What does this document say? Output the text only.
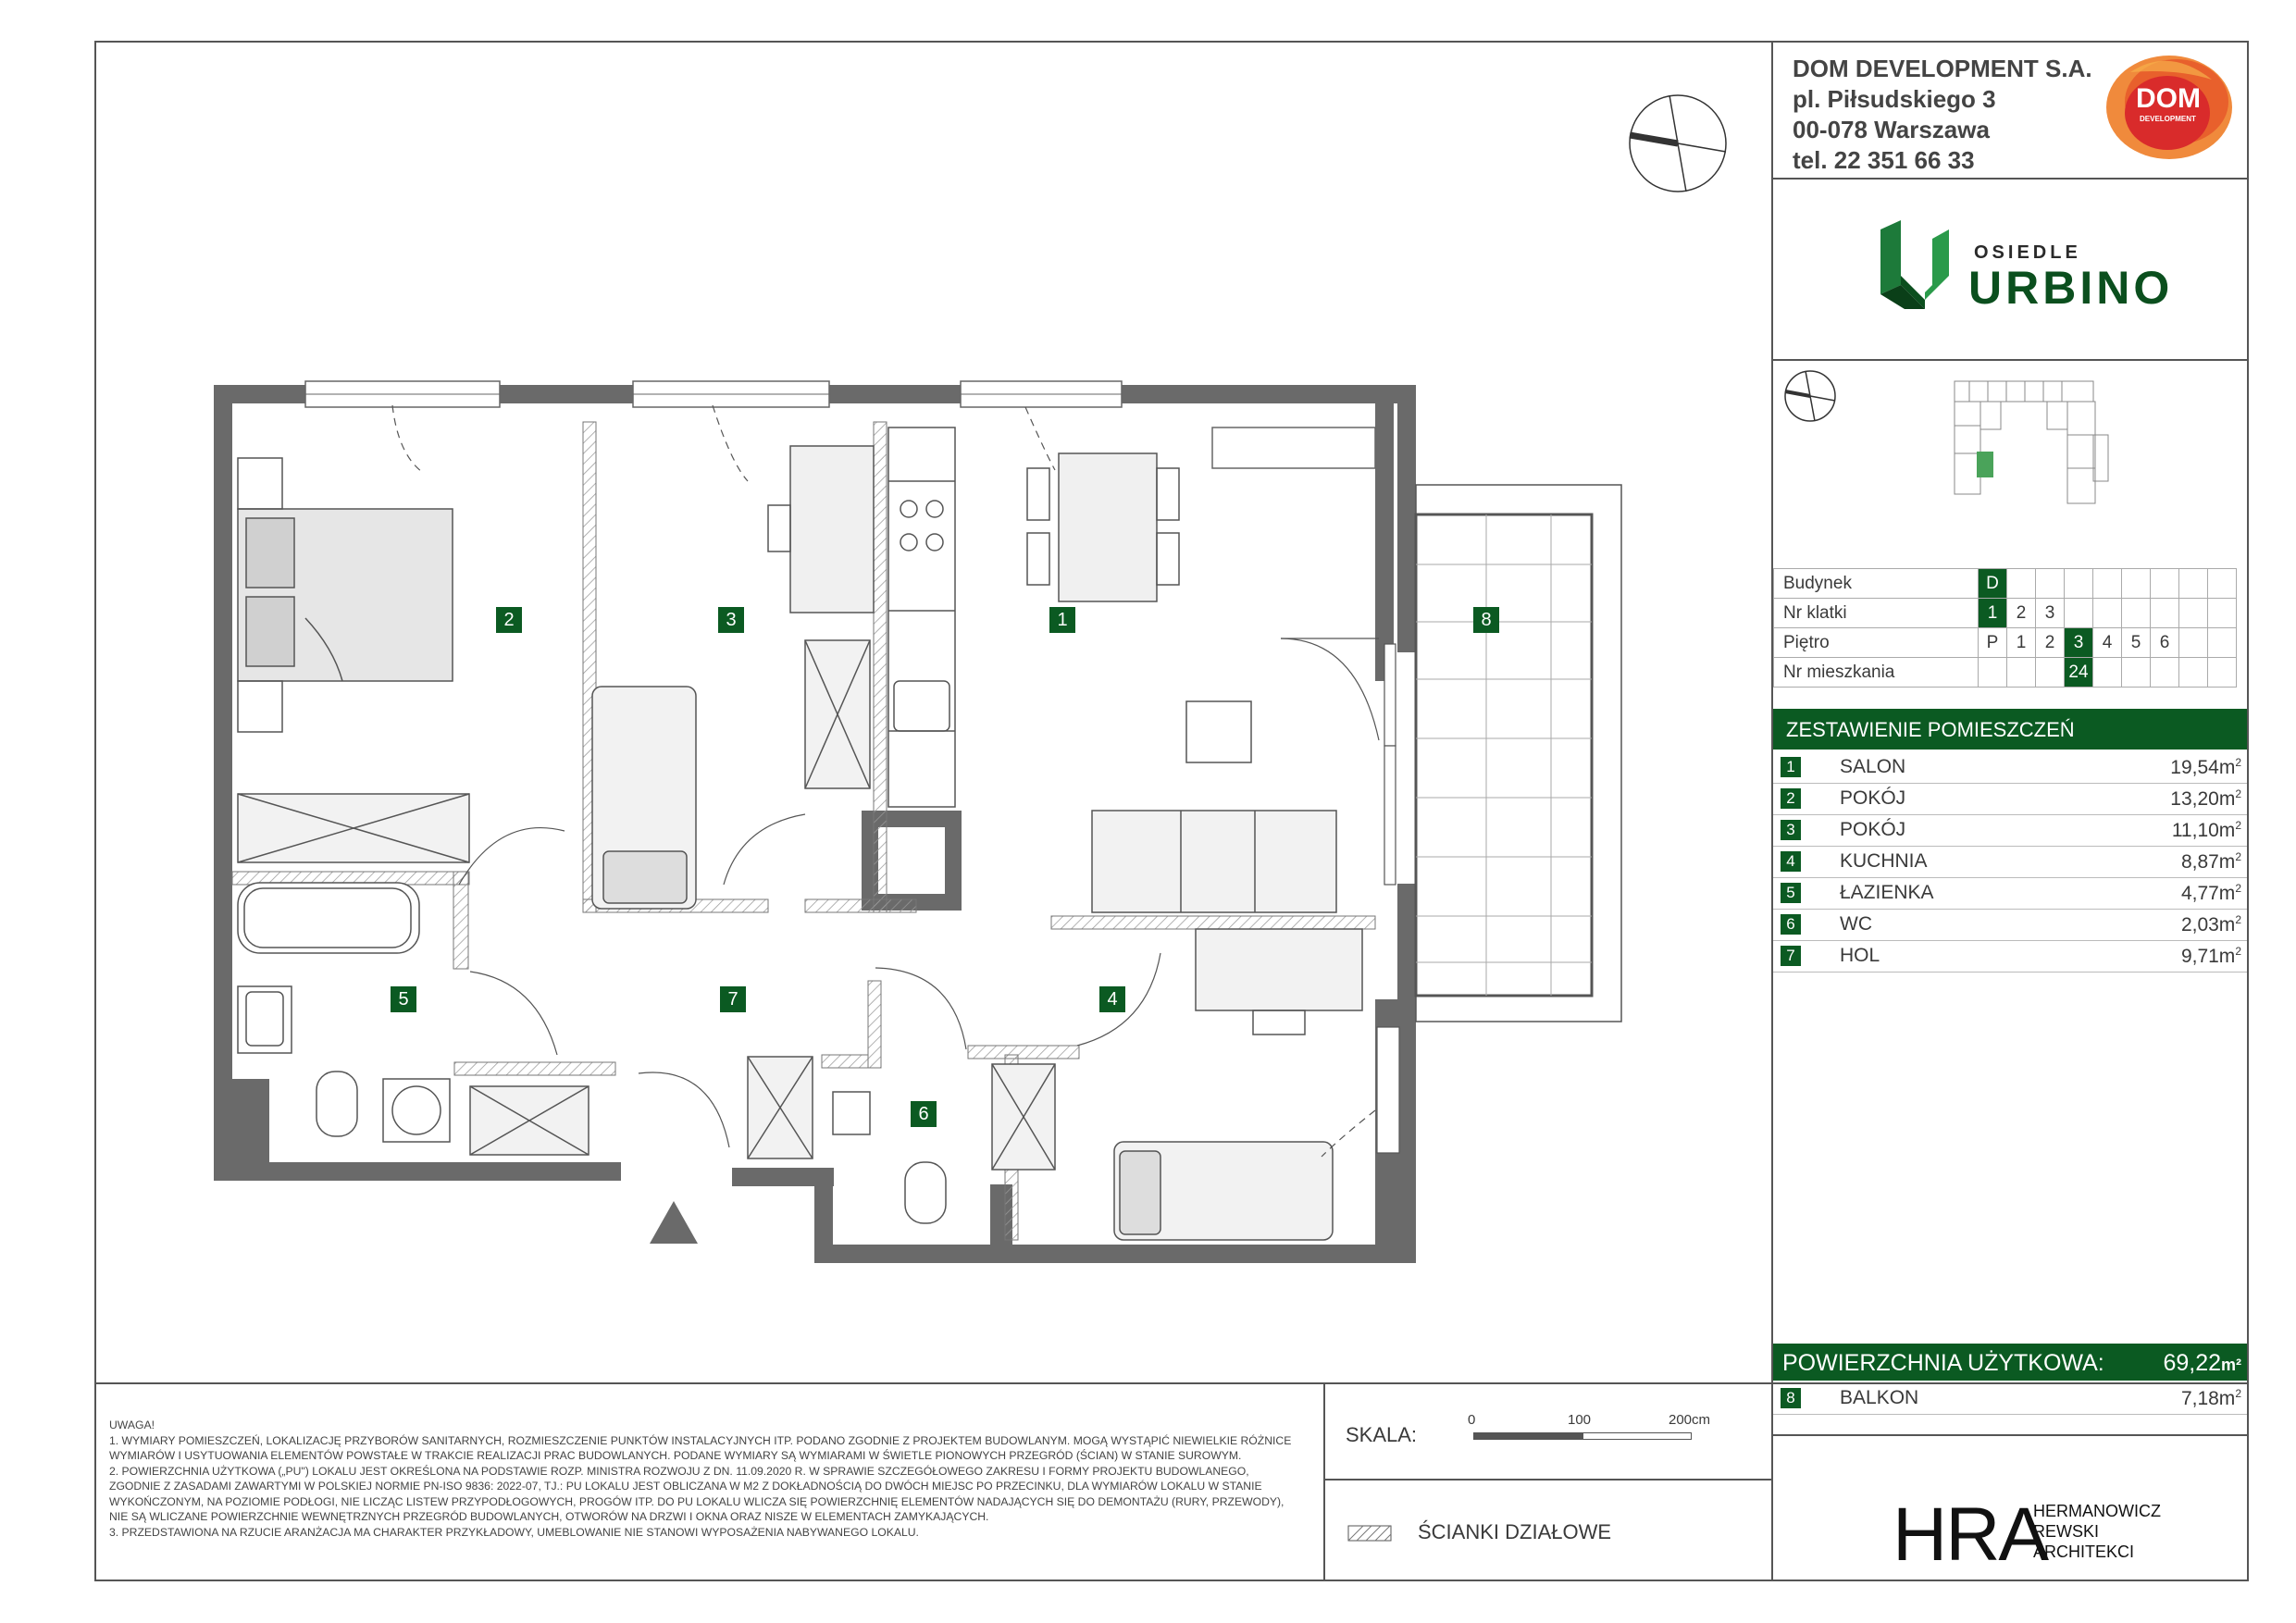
DOM DEVELOPMENT S.A.
pl. Piłsudskiego 3
00-078 Warszawa
tel. 22 351 66 33
DOM
DEVELOPMENT
OSIEDLE
URBINO
Budynek	D								
Nr klatki	1	2	3						
Piętro	P	1	2	3	4	5	6		
Nr mieszkania				24					
ZESTAWIENIE POMIESZCZEŃ
1 SALON	$19,54m^2$
2 POKÓJ	$13,20m^2$
3 POKÓJ	$11,10m^2$
4 KUCHNIA	$8,87m^2$
5 ŁAZIENKA	$4,77m^2$
6 WC	$2,03m^2$
7 HOL	$9,71m^2$
POWIERZCHNIA UŻYTKOWA:	69,22m²
8 BALKON	$7,18m^2$
SKALA:
0	100	200cm
ŚCIANKI DZIAŁOWE
UWAGA!
1. WYMIARY POMIESZCZEŃ, LOKALIZACJĘ PRZYBORÓW SANITARNYCH, ROZMIESZCZENIE PUNKTÓW INSTALACYJNYCH ITP. PODANO ZGODNIE Z PROJEKTEM BUDOWLANYM. MOGĄ WYSTĄPIĆ NIEWIELKIE RÓŻNICE
WYMIARÓW I USYTUOWANIA ELEMENTÓW POWSTAŁE W TRAKCIE REALIZACJI PRAC BUDOWLANYCH. PODANE WYMIARY SĄ WYMIARAMI W ŚWIETLE PIONOWYCH PRZEGRÓD (ŚCIAN) W STANIE SUROWYM.
2. POWIERZCHNIA UŻYTKOWA („PU") LOKALU JEST OKREŚLONA NA PODSTAWIE ROZP. MINISTRA ROZWOJU Z DN. 11.09.2020 R. W SPRAWIE SZCZEGÓŁOWEGO ZAKRESU I FORMY PROJEKTU BUDOWLANEGO,
ZGODNIE Z ZASADAMI ZAWARTYMI W POLSKIEJ NORMIE PN-ISO 9836: 2022-07, TJ.: PU LOKALU JEST OBLICZANA W M2 Z DOKŁADNOŚCIĄ DO DWÓCH MIEJSC PO PRZECINKU, DLA WYMIARÓW LOKALU W STANIE
WYKOŃCZONYM, NA POZIOMIE PODŁOGI, NIE LICZĄC LISTEW PRZYPODŁOGOWYCH, PROGÓW ITP. DO PU LOKALU WLICZA SIĘ POWIERZCHNIĘ ELEMENTÓW NADAJĄCYCH SIĘ DO DEMONTAŻU (RURY, PRZEWODY),
NIE SĄ WLICZANE POWIERZCHNIE WEWNĘTRZNYCH PRZEGRÓD BUDOWLANYCH, OTWORÓW NA DRZWI I OKNA ORAZ NISZE W ELEMENTACH ZAMYKAJĄCYCH.
3. PRZEDSTAWIONA NA RZUCIE ARANŻACJA MA CHARAKTER PRZYKŁADOWY, UMEBLOWANIE NIE STANOWI WYPOSAŻENIA NABYWANEGO LOKALU.	HRA
HERMANOWICZ
REWSKI
ARCHITEKCI
2	3	1	8
5	7	4
6
